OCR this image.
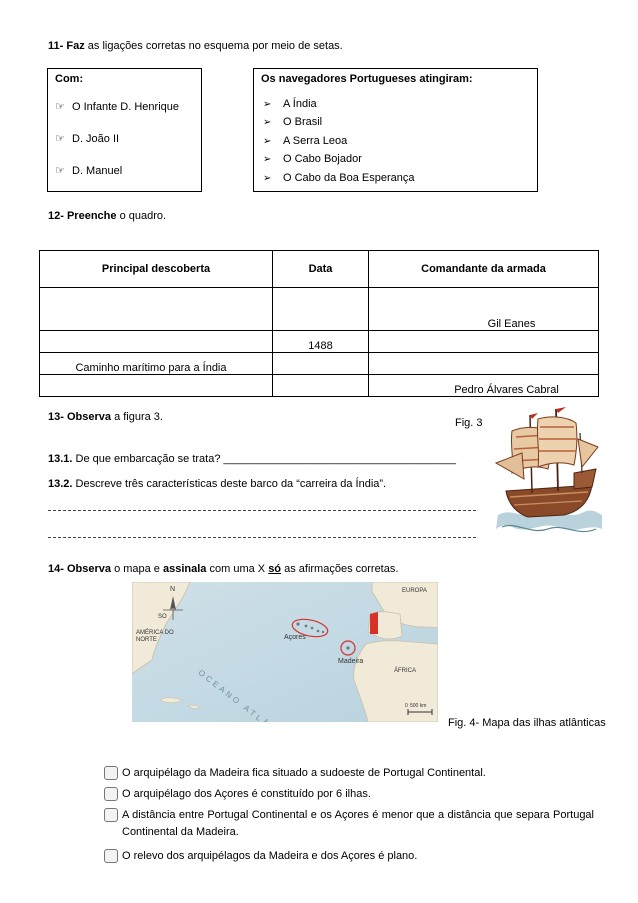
11- Faz as ligações corretas no esquema por meio de setas.
Com:
☞ O Infante D. Henrique
☞ D. João II
☞ D. Manuel
Os navegadores Portugueses atingiram:
➢ A Índia
➢ O Brasil
➢ A Serra Leoa
➢ O Cabo Bojador
➢ O Cabo da Boa Esperança
12- Preenche o quadro.
Principal descoberta	Data	Comandante da armada

		Gil Eanes
	1488	
Caminho marítimo para a Índia		
		Pedro Álvares Cabral
13- Observa a figura 3.	Fig. 3
13.1. De que embarcação se trata? ______________________________________
13.2. Descreve três características deste barco da “carreira da Índia”.
14- Observa o mapa e assinala com uma X só as afirmações corretas.
EUROPA
AMÉRICA DO NORTE	Açores
Madeira
ÁFRICA
N
SO
0 500 km
Fig. 4- Mapa das ilhas atlânticas
O arquipélago da Madeira fica situado a sudoeste de Portugal Continental.
O arquipélago dos Açores é constituído por 6 ilhas.
A distância entre Portugal Continental e os Açores é menor que a distância que separa Portugal Continental da Madeira.
O relevo dos arquipélagos da Madeira e dos Açores é plano.
